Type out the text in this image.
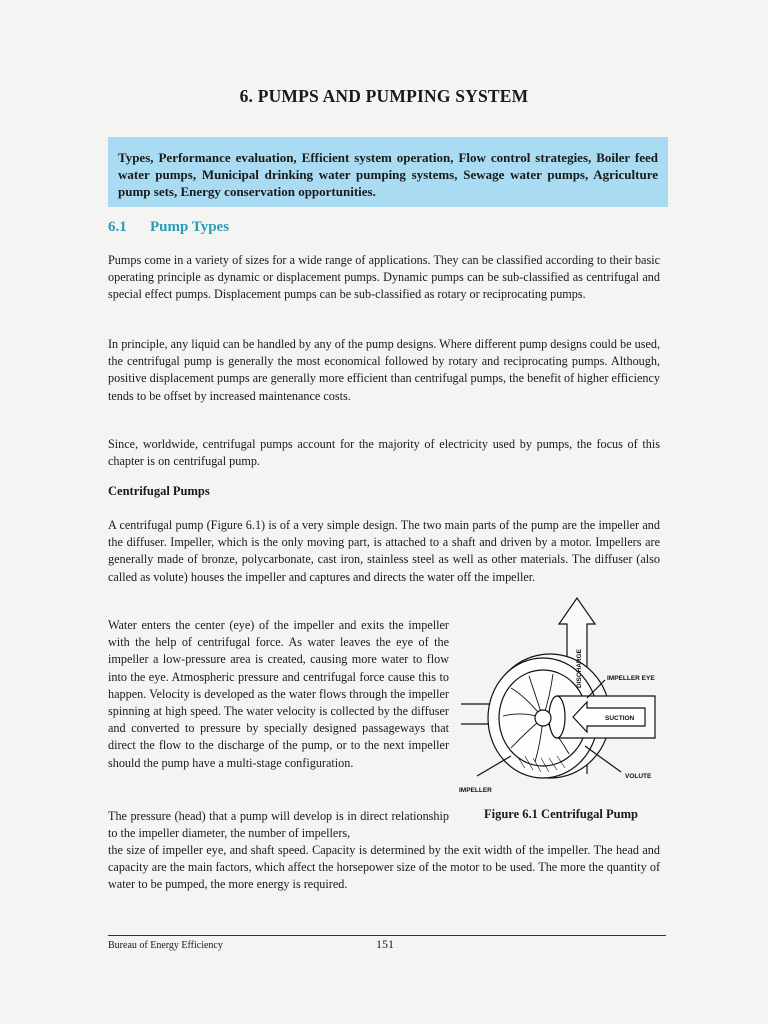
6. PUMPS AND PUMPING SYSTEM
Types, Performance evaluation, Efficient system operation, Flow control strategies, Boiler feed water pumps, Municipal drinking water pumping systems, Sewage water pumps, Agriculture pump sets, Energy conservation opportunities.
6.1 Pump Types

Pumps come in a variety of sizes for a wide range of applications. They can be classified according to their basic operating principle as dynamic or displacement pumps. Dynamic pumps can be sub-classified as centrifugal and special effect pumps. Displacement pumps can be sub-classified as rotary or reciprocating pumps.

In principle, any liquid can be handled by any of the pump designs. Where different pump designs could be used, the centrifugal pump is generally the most economical followed by rotary and reciprocating pumps. Although, positive displacement pumps are generally more efficient than centrifugal pumps, the benefit of higher efficiency tends to be offset by increased maintenance costs.

Since, worldwide, centrifugal pumps account for the majority of electricity used by pumps, the focus of this chapter is on centrifugal pump.

Centrifugal Pumps

A centrifugal pump (Figure 6.1) is of a very simple design. The two main parts of the pump are the impeller and the diffuser. Impeller, which is the only moving part, is attached to a shaft and driven by a motor. Impellers are generally made of bronze, polycarbonate, cast iron, stainless steel as well as other materials. The diffuser (also called as volute) houses the impeller and captures and directs the water off the impeller.

Water enters the center (eye) of the impeller and exits the impeller with the help of centrifugal force. As water leaves the eye of the impeller a low-pressure area is created, causing more water to flow into the eye. Atmospheric pressure and centrifugal force cause this to happen. Velocity is developed as the water flows through the impeller spinning at high speed. The water velocity is collected by the diffuser and converted to pressure by specially designed passageways that direct the flow to the discharge of the pump, or to the next impeller should the pump have a multi-stage configuration.

The pressure (head) that a pump will develop is in direct relationship to the impeller diameter, the number of impellers,

the size of impeller eye, and shaft speed. Capacity is determined by the exit width of the impeller. The head and capacity are the main factors, which affect the horsepower size of the motor to be used. The more the quantity of water to be pumped, the more energy is required.

DISCHARGE	IMPELLER EYE
SUCTION
VOLUTE
IMPELLER
Figure 6.1 Centrifugal Pump
Bureau of Energy Efficiency	151
